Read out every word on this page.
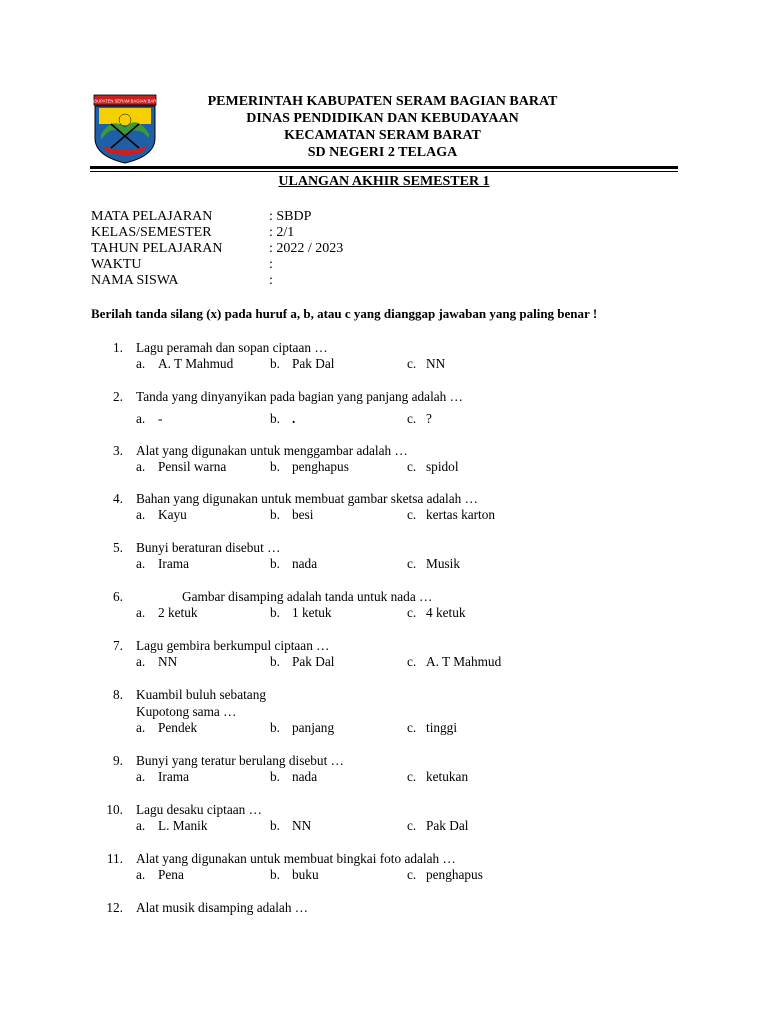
KABUPATEN SERAM BAGIAN BARAT	PEMERINTAH KABUPATEN SERAM BAGIAN BARAT
DINAS PENDIDIKAN DAN KEBUDAYAAN
KECAMATAN SERAM BARAT
SD NEGERI 2 TELAGA
ULANGAN AKHIR SEMESTER 1
MATA PELAJARAN	: SBDP
KELAS/SEMESTER	: 2/1
TAHUN PELAJARAN	: 2022 / 2023
WAKTU	:
NAMA SISWA	:
Berilah tanda silang (x) pada huruf a, b, atau c yang dianggap jawaban yang paling benar !
1. Lagu peramah dan sopan ciptaan …
a. A. T Mahmud	b. Pak Dal	c. NN
2. Tanda yang dinyanyikan pada bagian yang panjang adalah …
a. -	b. .	c. ?
3. Alat yang digunakan untuk menggambar adalah …
a. Pensil warna	b. penghapus	c. spidol
4. Bahan yang digunakan untuk membuat gambar sketsa adalah …
a. Kayu	b. besi	c. kertas karton
5. Bunyi beraturan disebut …
a. Irama	b. nada	c. Musik
6.	Gambar disamping adalah tanda untuk nada …
a. 2 ketuk	b. 1 ketuk	c. 4 ketuk
7. Lagu gembira berkumpul ciptaan …
a. NN	b. Pak Dal	c. A. T Mahmud
8. Kuambil buluh sebatang
Kupotong sama …
a. Pendek	b. panjang	c. tinggi
9. Bunyi yang teratur berulang disebut …
a. Irama	b. nada	c. ketukan
10. Lagu desaku ciptaan …
a. L. Manik	b. NN	c. Pak Dal
11. Alat yang digunakan untuk membuat bingkai foto adalah …
a. Pena	b. buku	c. penghapus
12. Alat musik disamping adalah …
